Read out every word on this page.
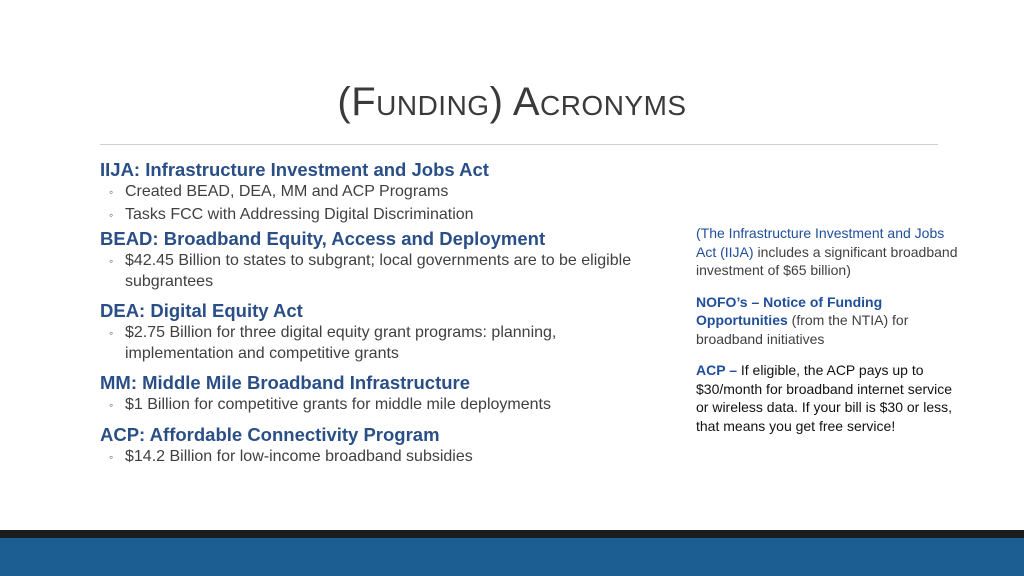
(Funding) Acronyms
IIJA: Infrastructure Investment and Jobs Act
◦ Created BEAD, DEA, MM and ACP Programs
◦ Tasks FCC with Addressing Digital Discrimination
BEAD: Broadband Equity, Access and Deployment
◦ $42.45 Billion to states to subgrant; local governments are to be eligible subgrantees
DEA: Digital Equity Act
◦ $2.75 Billion for three digital equity grant programs: planning, implementation and competitive grants
MM: Middle Mile Broadband Infrastructure
◦ $1 Billion for competitive grants for middle mile deployments
ACP: Affordable Connectivity Program
◦ $14.2 Billion for low-income broadband subsidies

(The Infrastructure Investment and Jobs Act (IIJA) includes a significant broadband investment of $65 billion)

NOFO’s – Notice of Funding Opportunities (from the NTIA) for broadband initiatives

ACP – If eligible, the ACP pays up to $30/month for broadband internet service or wireless data. If your bill is $30 or less, that means you get free service!
